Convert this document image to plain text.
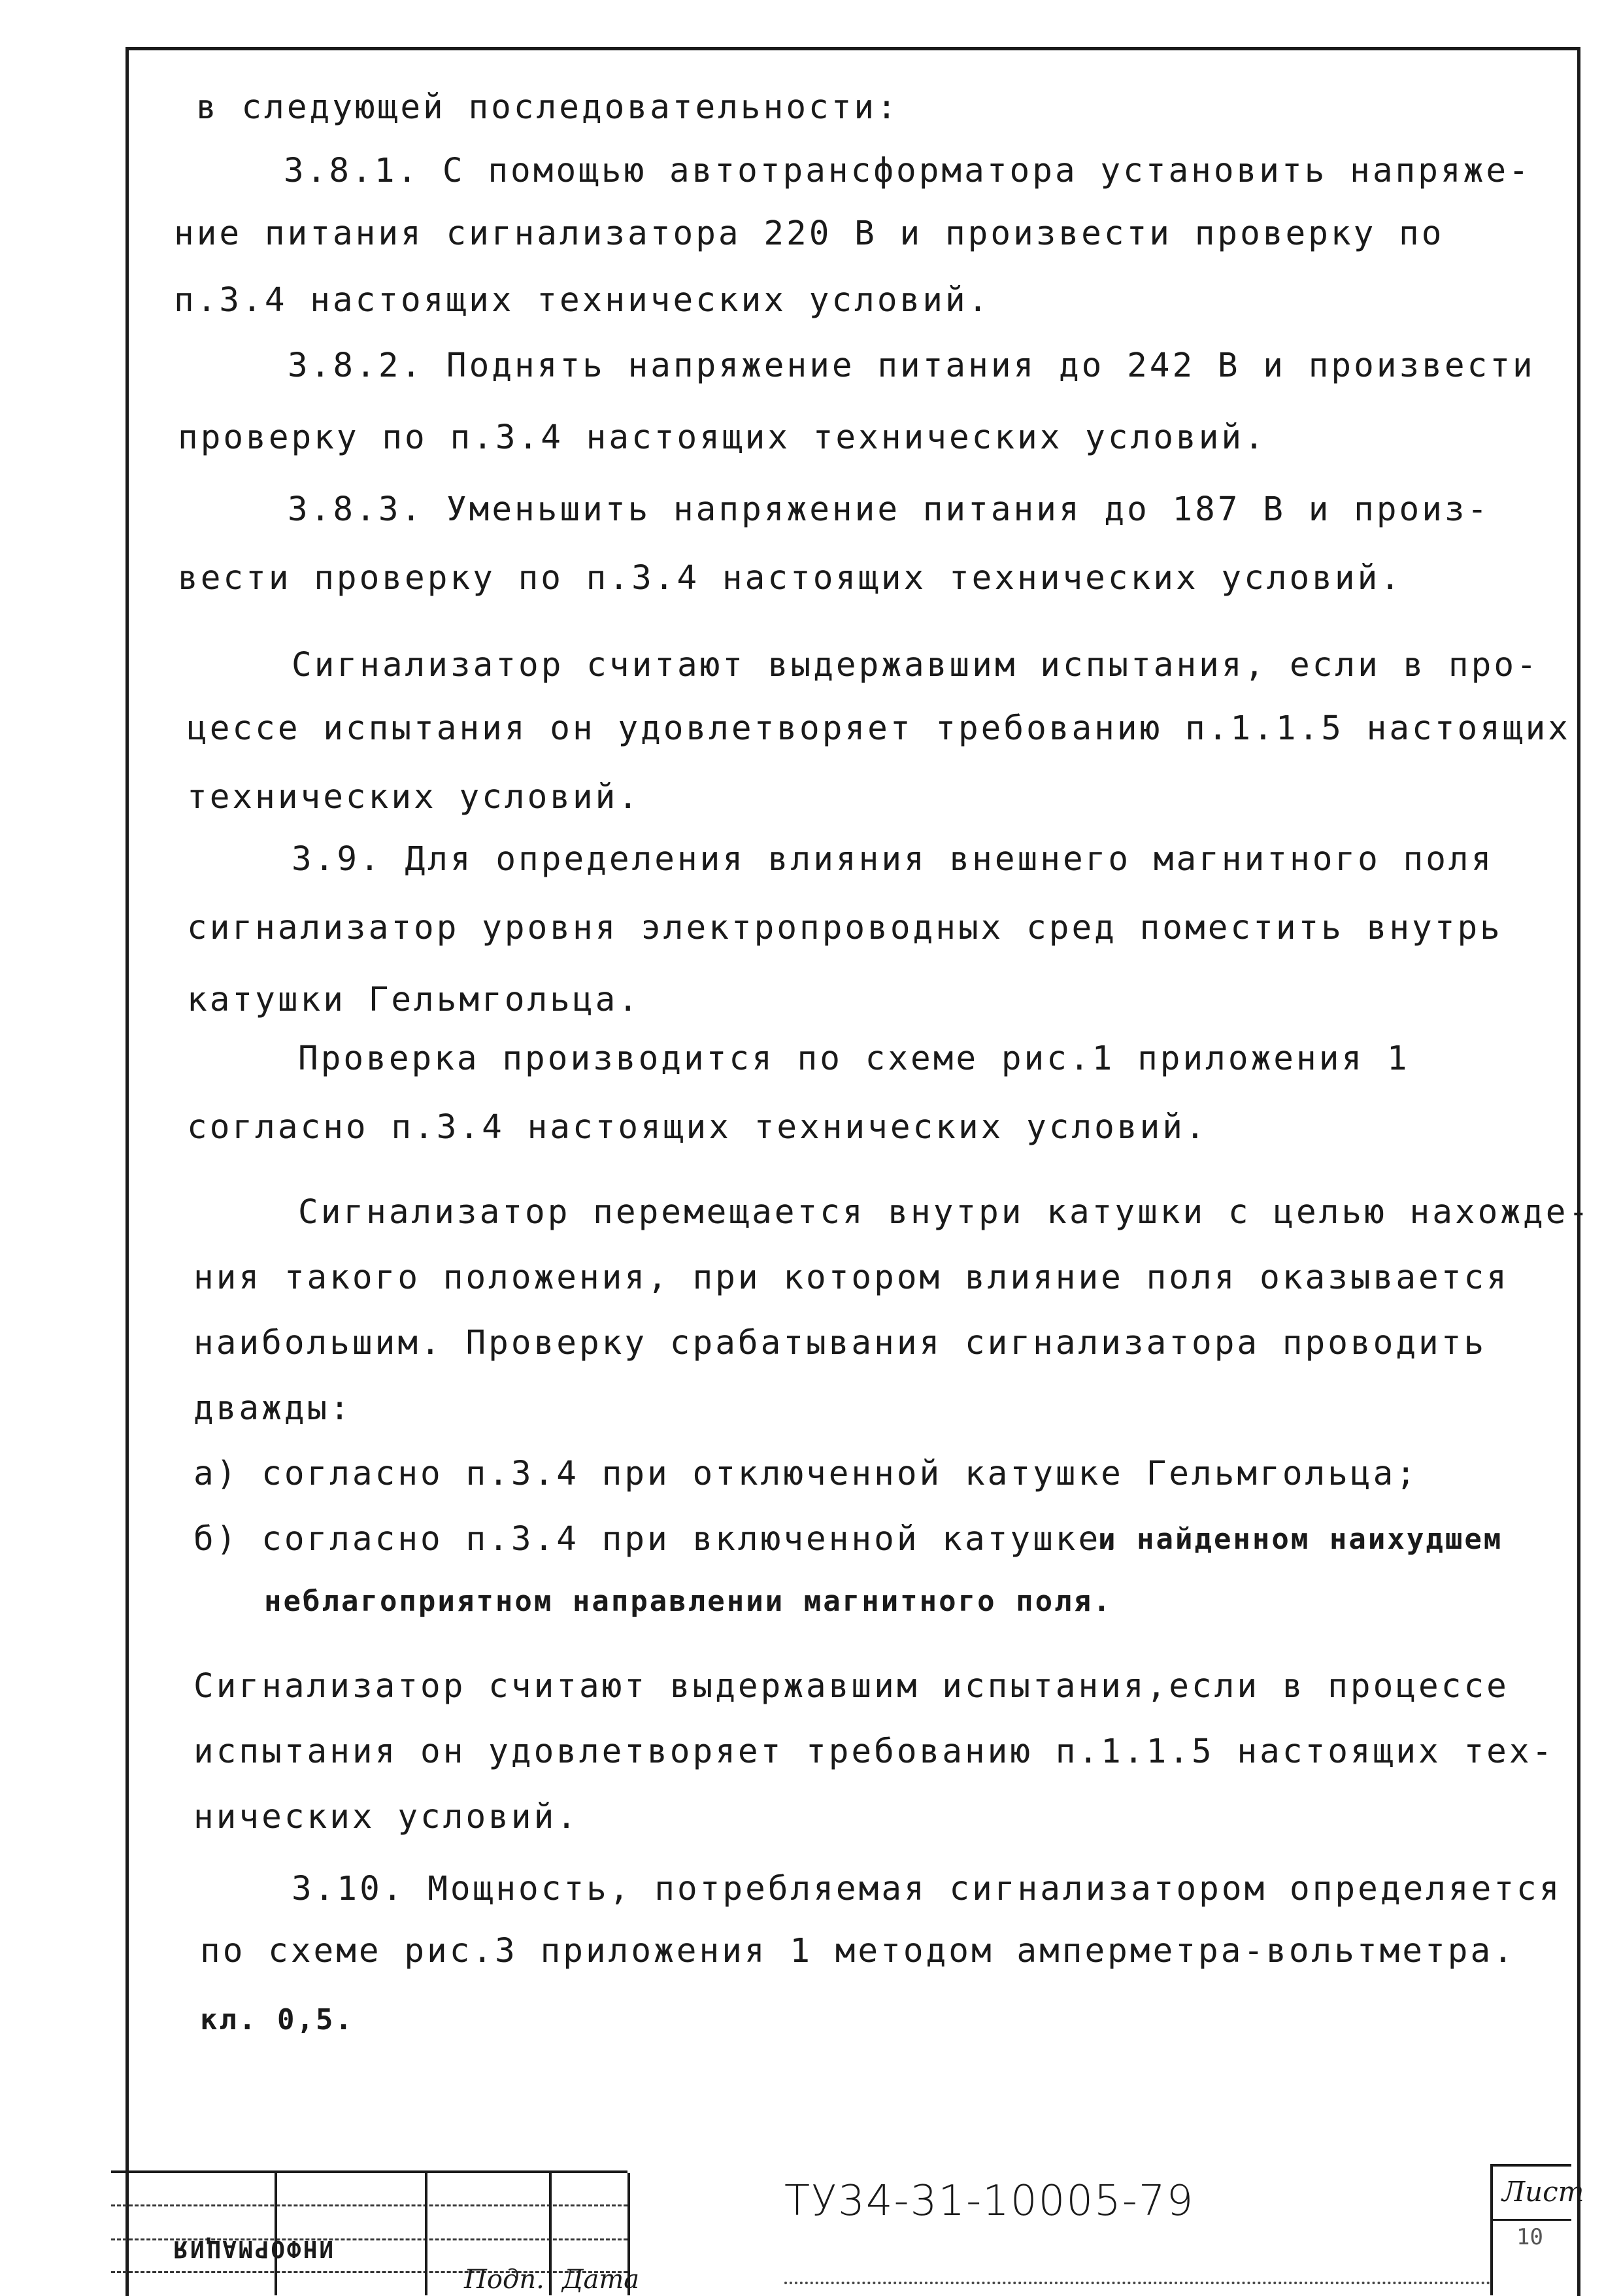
в следующей последовательности:
3.8.1. С помощью автотрансформатора установить напряже-
ние питания сигнализатора 220 В и произвести проверку по
п.3.4 настоящих технических условий.
3.8.2. Поднять напряжение питания до 242 В и произвести
проверку по п.3.4 настоящих технических условий.
3.8.3. Уменьшить напряжение питания до 187 В и произ-
вести проверку по п.3.4 настоящих технических условий.
Сигнализатор считают выдержавшим испытания, если в про-
цессе испытания он удовлетворяет требованию п.1.1.5 настоящих
технических условий.
3.9. Для определения влияния внешнего магнитного поля
сигнализатор уровня электропроводных сред поместить внутрь
катушки Гельмгольца.
Проверка производится по схеме рис.1 приложения 1
согласно п.3.4 настоящих технических условий.
Сигнализатор перемещается внутри катушки с целью нахожде-
ния такого положения, при котором влияние поля оказывается
наибольшим. Проверку срабатывания сигнализатора проводить
дважды:
а) согласно п.3.4 при отключенной катушке Гельмгольца;
б) согласно п.3.4 при включенной катушке.
и найденном наихудшем
неблагоприятном направлении магнитного поля.
Сигнализатор считают выдержавшим испытания,если в процессе
испытания он удовлетворяет требованию п.1.1.5 настоящих тех-
нических условий.
3.10. Мощность, потребляемая сигнализатором определяется
по схеме рис.3 приложения 1 методом амперметра-вольтметра.
кл. 0,5.
ИНФОРМАЦИЯ
Подп. Дата
ТУ34-31-10005-79	Лист
10
